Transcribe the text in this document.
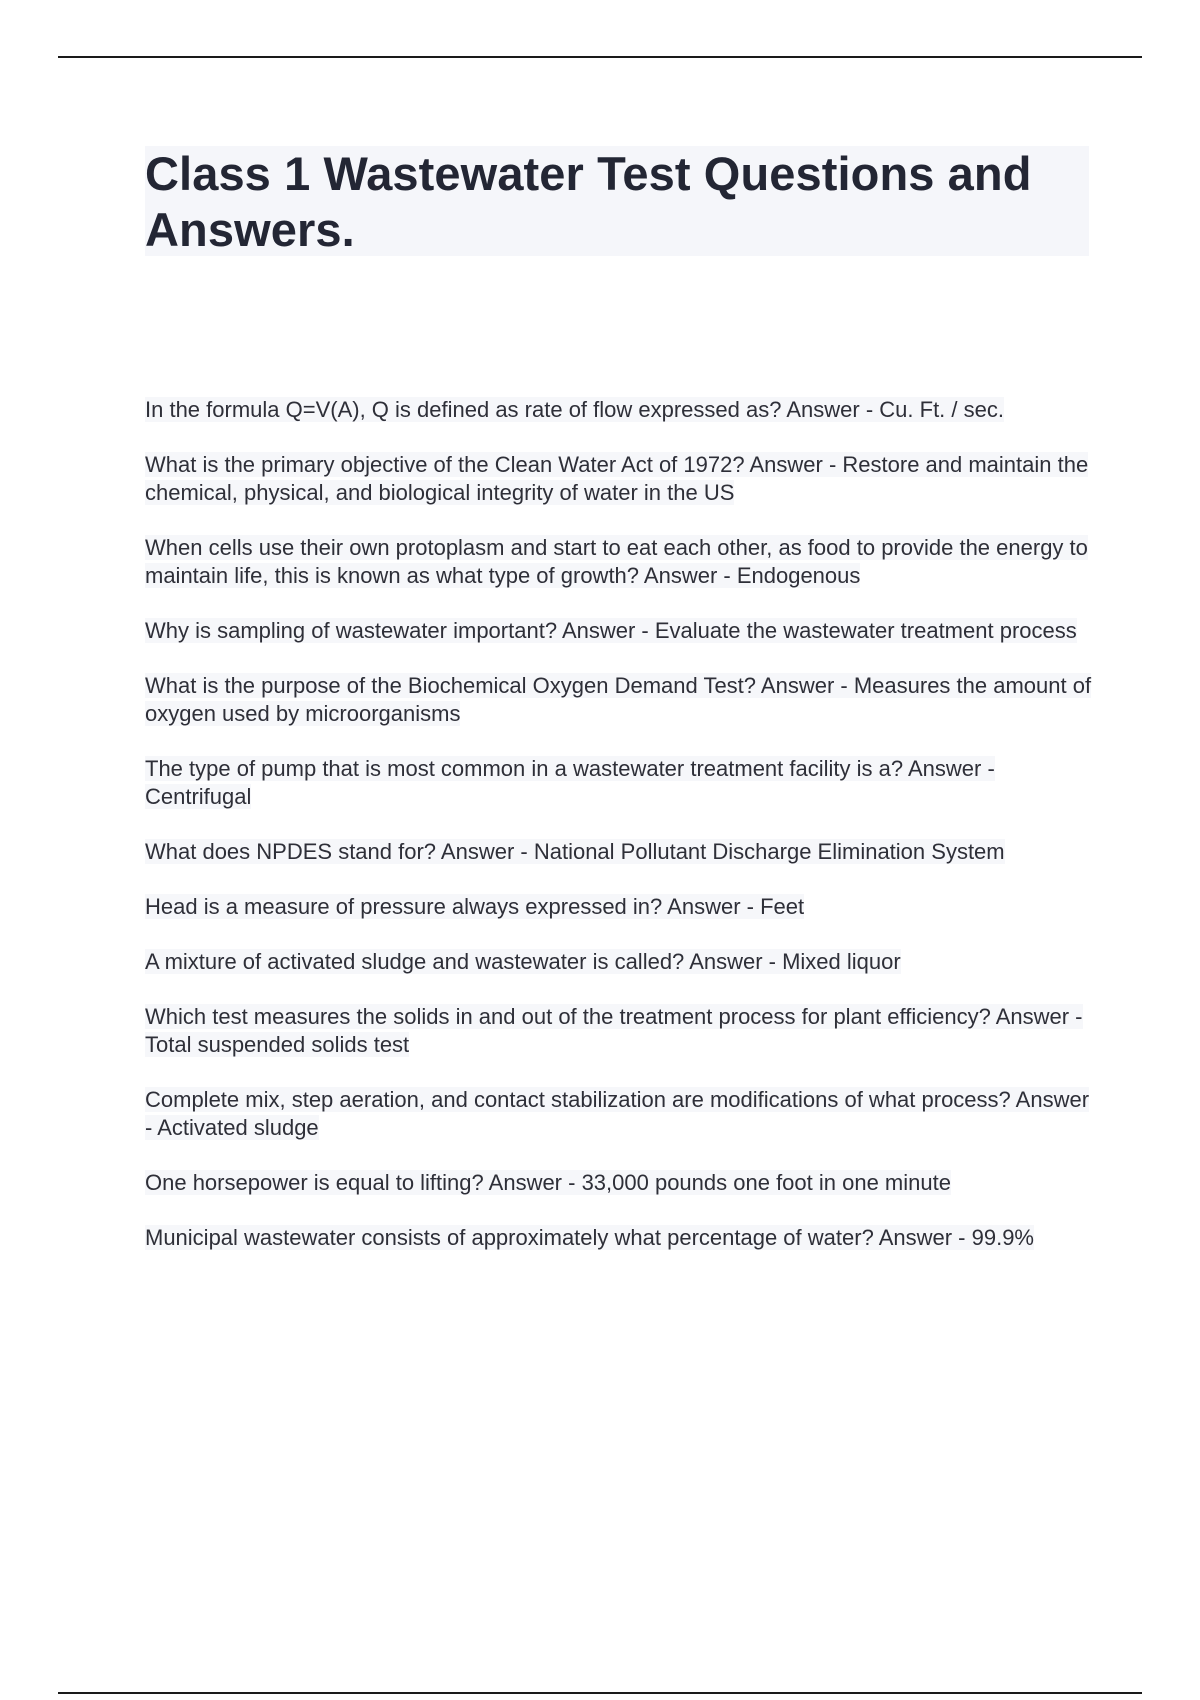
Class 1 Wastewater Test Questions and Answers.

In the formula Q=V(A), Q is defined as rate of flow expressed as? Answer - Cu. Ft. / sec.

What is the primary objective of the Clean Water Act of 1972? Answer - Restore and maintain the chemical, physical, and biological integrity of water in the US

When cells use their own protoplasm and start to eat each other, as food to provide the energy to maintain life, this is known as what type of growth? Answer - Endogenous

Why is sampling of wastewater important? Answer - Evaluate the wastewater treatment process

What is the purpose of the Biochemical Oxygen Demand Test? Answer - Measures the amount of oxygen used by microorganisms

The type of pump that is most common in a wastewater treatment facility is a? Answer - Centrifugal

What does NPDES stand for? Answer - National Pollutant Discharge Elimination System

Head is a measure of pressure always expressed in? Answer - Feet

A mixture of activated sludge and wastewater is called? Answer - Mixed liquor

Which test measures the solids in and out of the treatment process for plant efficiency? Answer - Total suspended solids test

Complete mix, step aeration, and contact stabilization are modifications of what process? Answer - Activated sludge

One horsepower is equal to lifting? Answer - 33,000 pounds one foot in one minute

Municipal wastewater consists of approximately what percentage of water? Answer - 99.9%
